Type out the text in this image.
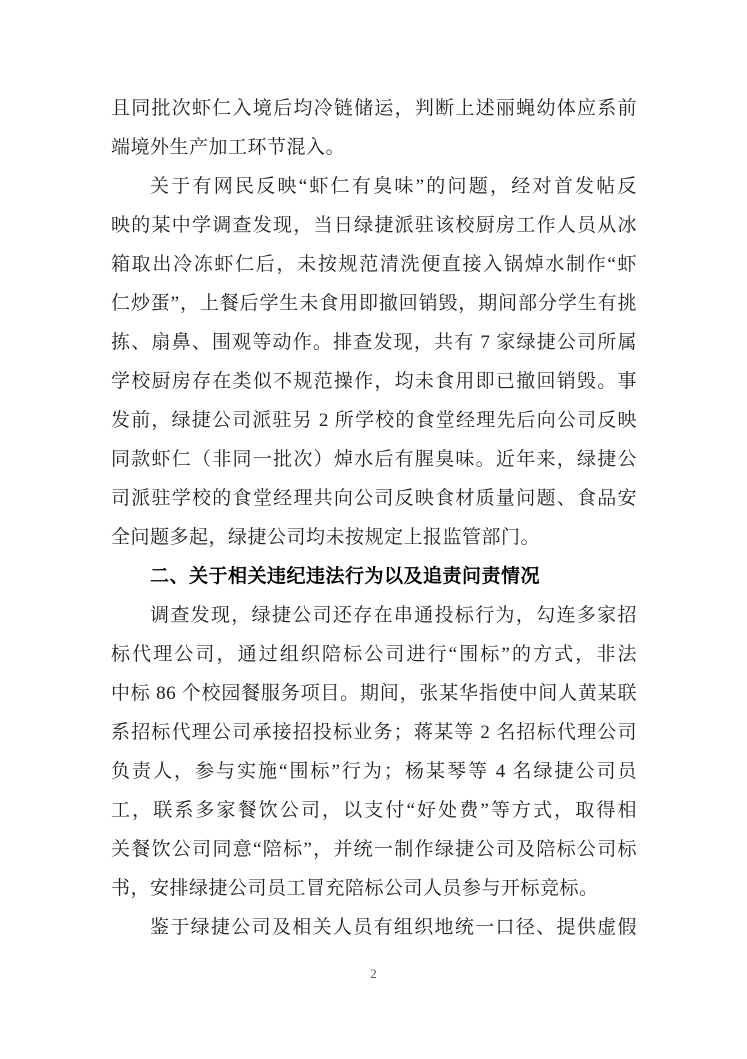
且同批次虾仁入境后均冷链储运，判断上述丽蝇幼体应系前
端境外生产加工环节混入。
关于有网民反映“虾仁有臭味”的问题，经对首发帖反
映的某中学调查发现，当日绿捷派驻该校厨房工作人员从冰
箱取出冷冻虾仁后，未按规范清洗便直接入锅焯水制作“虾
仁炒蛋”，上餐后学生未食用即撤回销毁，期间部分学生有挑
拣、扇鼻、围观等动作。排查发现，共有 7 家绿捷公司所属
学校厨房存在类似不规范操作，均未食用即已撤回销毁。事
发前，绿捷公司派驻另 2 所学校的食堂经理先后向公司反映
同款虾仁（非同一批次）焯水后有腥臭味。近年来，绿捷公
司派驻学校的食堂经理共向公司反映食材质量问题、食品安
全问题多起，绿捷公司均未按规定上报监管部门。
二、关于相关违纪违法行为以及追责问责情况
调查发现，绿捷公司还存在串通投标行为，勾连多家招
标代理公司，通过组织陪标公司进行“围标”的方式，非法
中标 86 个校园餐服务项目。期间，张某华指使中间人黄某联
系招标代理公司承接招投标业务；蒋某等 2 名招标代理公司
负责人，参与实施“围标”行为；杨某琴等 4 名绿捷公司员
工，联系多家餐饮公司，以支付“好处费”等方式，取得相
关餐饮公司同意“陪标”，并统一制作绿捷公司及陪标公司标
书，安排绿捷公司员工冒充陪标公司人员参与开标竞标。
鉴于绿捷公司及相关人员有组织地统一口径、提供虚假
2
